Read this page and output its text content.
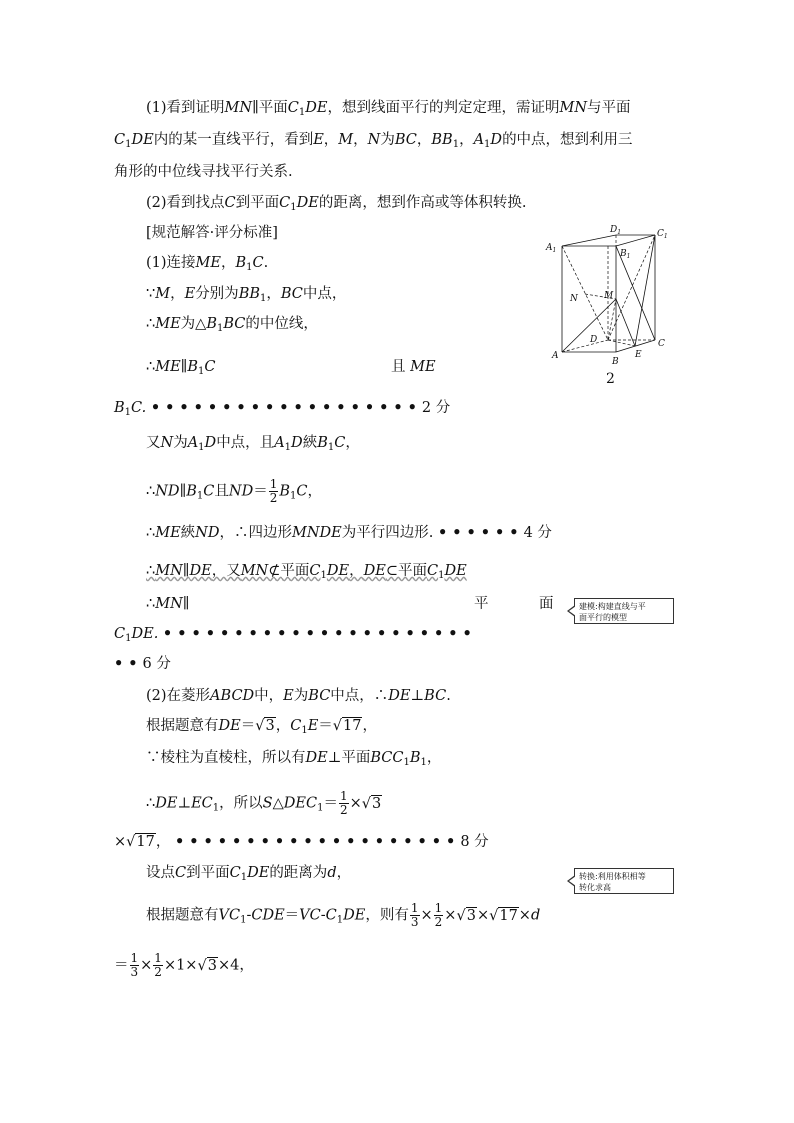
(1)看到证明MN∥平面$C_1DE$，想到线面平行的判定定理，需证明MN与平面
$C_1DE$内的某一直线平行，看到E，M，N为BC，$BB_1$，$A_1D$的中点，想到利用三
角形的中位线寻找平行关系.
(2)看到找点C到平面$C_1DE$的距离，想到作高或等体积转换.
[规范解答·评分标准]
(1)连接ME，$B_1C$.
∵M，E分别为$BB_1$，BC中点，
∴ME为$\triangle B_1BC$的中位线，
$\therefore ME\parallel B_1C$	且 ME
$B_1C$. •••••••••••••••••••2 分
又N为$A_1D$中点，且$A_1D$綊$B_1C$，
$\therefore ND\parallel B_1C$且$ND= \frac{1}{2} B_1C$，
∴ME綊ND，∴四边形MNDE为平行四边形. ••••••4 分
∴MN∥DE，又MN⊄平面$C_1DE$，DE⊂平面$C_1DE$
∴MN∥	平	面
$C_1DE$. ••••••••••••••••••••••
••6 分
(2)在菱形ABCD中，E为BC中点，∴DE⊥BC.
根据题意有DE＝√3，$C_1E=√17$，
∵棱柱为直棱柱，所以有DE⊥平面$BCC_1B_1$，
$\therefore DE\perp EC_1$，所以$S\triangle DEC_1= \frac{1}{2} \times√3$
×√17， ••••••••••••••••••••8 分
设点C到平面$C_1DE$的距离为d，
根据题意有$VC_1-CDE=VC-C_1DE$，则有 $\frac{1}{3} \times \frac{1}{2} \times√3\times√17\times d$
＝ $\frac{1}{3} \times \frac{1}{2} \times 1\times√3\times 4$，
建模:构建直线与平
面平行的模型
转换:利用体积相等
转化求高
$A_1$
$D_1$	$C_1$
$B_1$
N	M
D
A
B
E
C
2
